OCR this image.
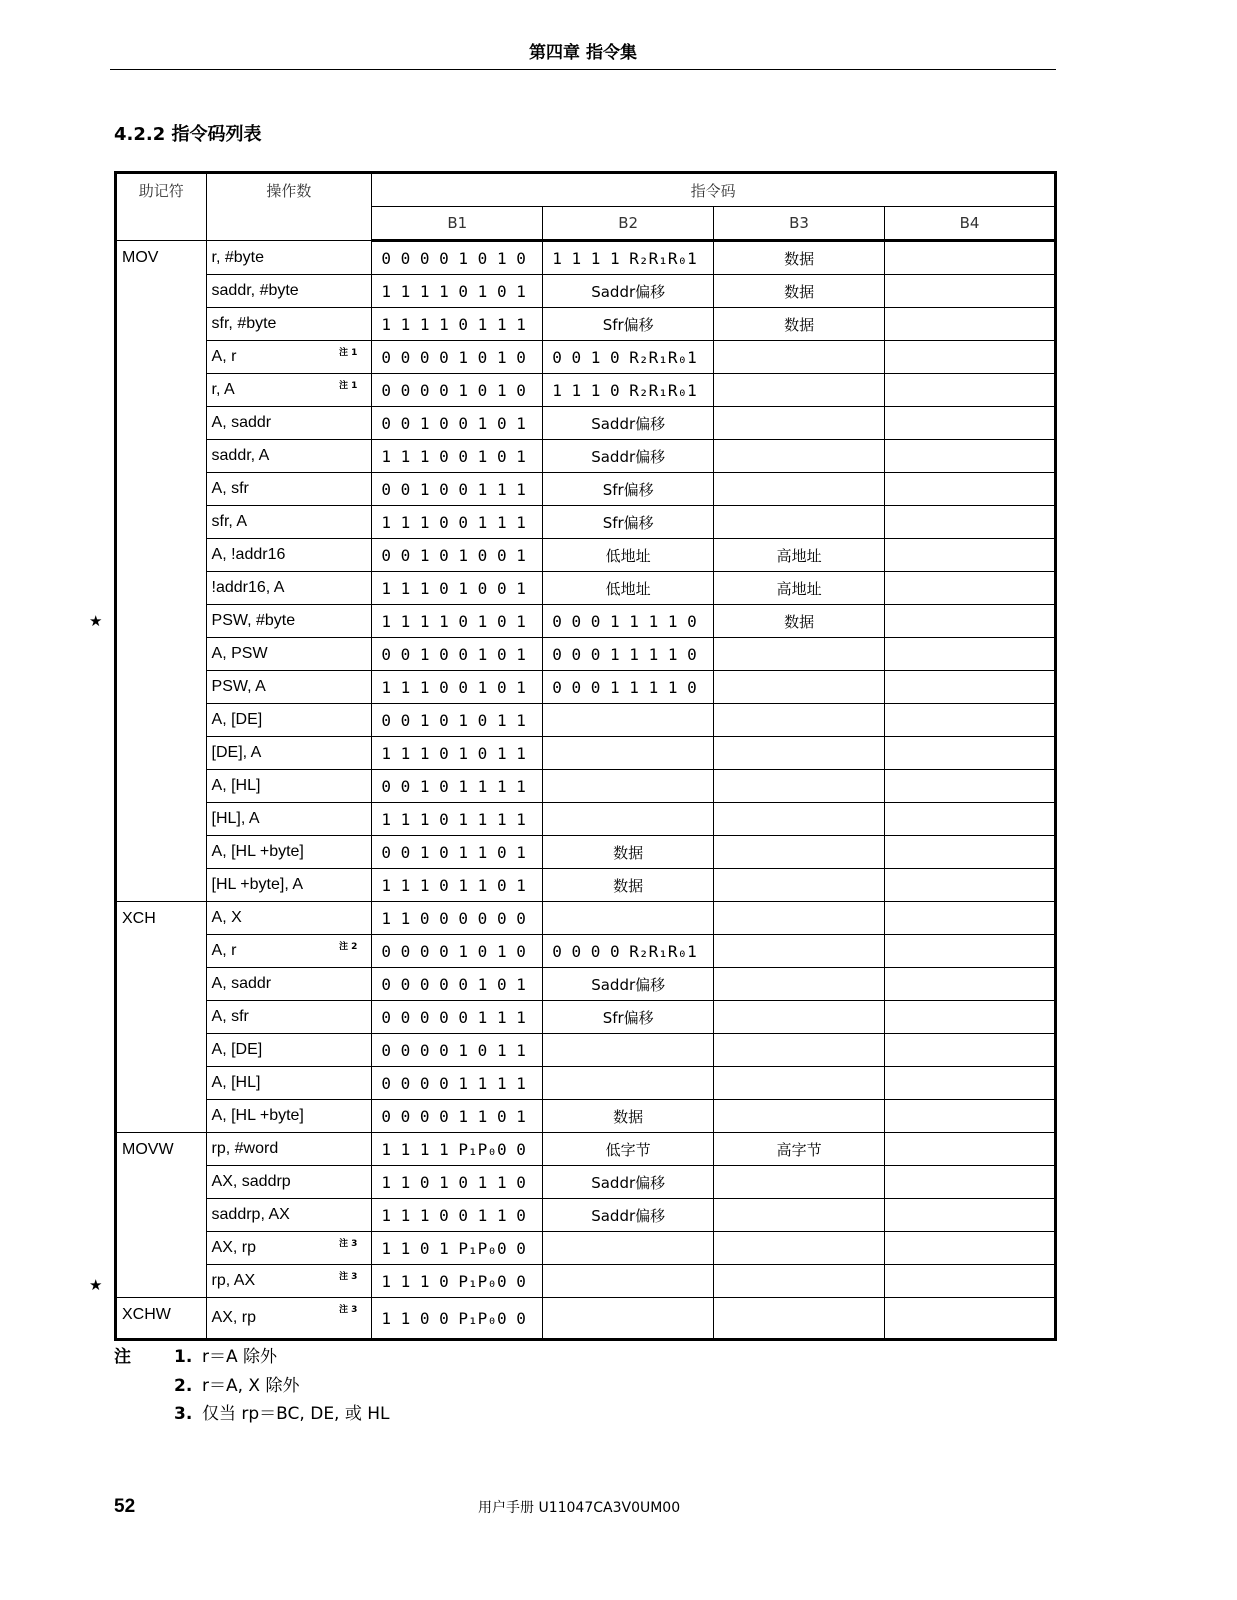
第四章 指令集
4.2.2 指令码列表
助记符	操作数	指令码			
		B1	B2	B3	B4
MOV	r, #byte	0 0 0 0 1 0 1 0	1 1 1 1 R₂R₁R₀1	数据	
	saddr, #byte	1 1 1 1 0 1 0 1	Saddr偏移	数据	
	sfr, #byte	1 1 1 1 0 1 1 1	Sfr偏移	数据	
	A, r 注 1	0 0 0 0 1 0 1 0	0 0 1 0 R₂R₁R₀1		
	r, A 注 1	0 0 0 0 1 0 1 0	1 1 1 0 R₂R₁R₀1		
	A, saddr	0 0 1 0 0 1 0 1	Saddr偏移		
	saddr, A	1 1 1 0 0 1 0 1	Saddr偏移		
	A, sfr	0 0 1 0 0 1 1 1	Sfr偏移		
	sfr, A	1 1 1 0 0 1 1 1	Sfr偏移		
	A, !addr16	0 0 1 0 1 0 0 1	低地址	高地址	
	!addr16, A	1 1 1 0 1 0 0 1	低地址	高地址	
	PSW, #byte	1 1 1 1 0 1 0 1	0 0 0 1 1 1 1 0	数据	
	A, PSW	0 0 1 0 0 1 0 1	0 0 0 1 1 1 1 0		
	PSW, A	1 1 1 0 0 1 0 1	0 0 0 1 1 1 1 0		
	A, [DE]	0 0 1 0 1 0 1 1			
	[DE], A	1 1 1 0 1 0 1 1			
	A, [HL]	0 0 1 0 1 1 1 1			
	[HL], A	1 1 1 0 1 1 1 1			
	A, [HL +byte]	0 0 1 0 1 1 0 1	数据		
	[HL +byte], A	1 1 1 0 1 1 0 1	数据		
XCH	A, X	1 1 0 0 0 0 0 0			
	A, r 注 2	0 0 0 0 1 0 1 0	0 0 0 0 R₂R₁R₀1		
	A, saddr	0 0 0 0 0 1 0 1	Saddr偏移		
	A, sfr	0 0 0 0 0 1 1 1	Sfr偏移		
	A, [DE]	0 0 0 0 1 0 1 1			
	A, [HL]	0 0 0 0 1 1 1 1			
	A, [HL +byte]	0 0 0 0 1 1 0 1	数据		
MOVW	rp, #word	1 1 1 1 P₁P₀0 0	低字节	高字节	
	AX, saddrp	1 1 0 1 0 1 1 0	Saddr偏移		
	saddrp, AX	1 1 1 0 0 1 1 0	Saddr偏移		
	AX, rp 注 3	1 1 0 1 P₁P₀0 0			
	rp, AX 注 3	1 1 1 0 P₁P₀0 0			
XCHW	AX, rp 注 3	1 1 0 0 P₁P₀0 0			
★
★
注	1. r＝A 除外
2. r＝A, X 除外
3. 仅当 rp＝BC, DE, 或 HL
52	用户手册 U11047CA3V0UM00
